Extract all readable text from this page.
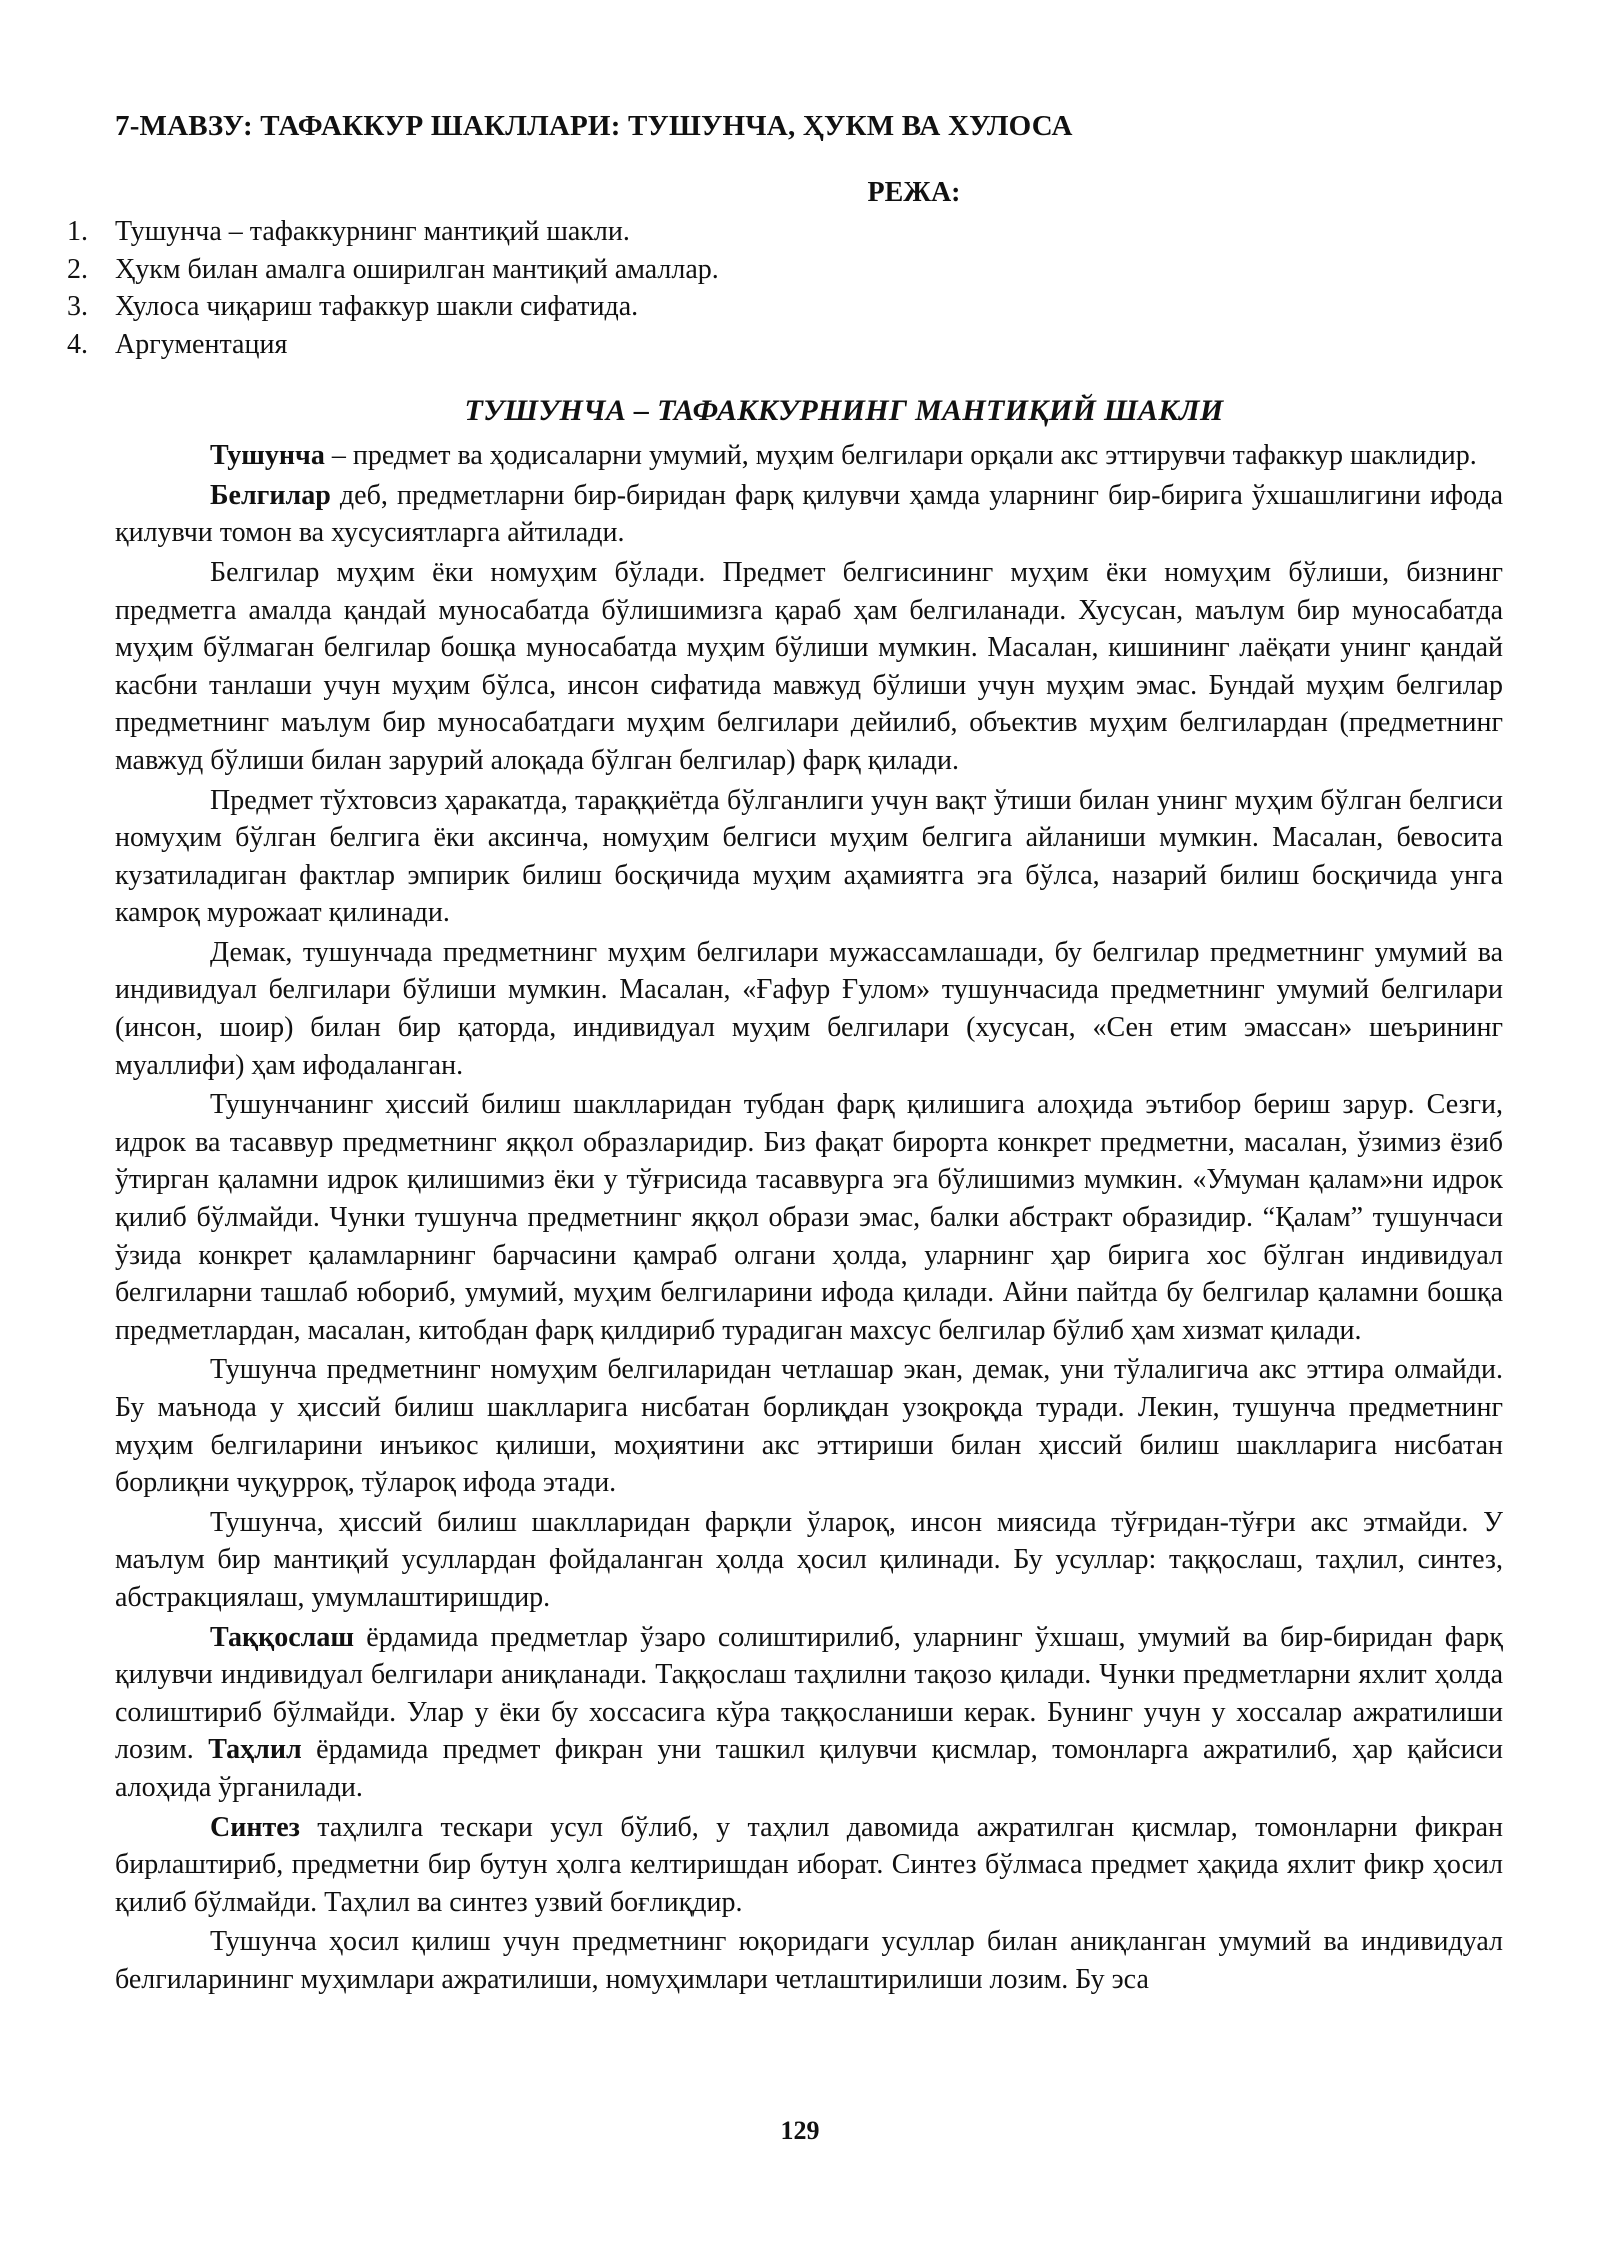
7-МАВЗУ: ТАФАККУР ШАКЛЛАРИ: ТУШУНЧА, ҲУКМ ВА ХУЛОСА
РЕЖА:
1. Тушунча – тафаккурнинг мантиқий шакли.
2. Ҳукм билан амалга оширилган мантиқий амаллар.
3. Хулоса чиқариш тафаккур шакли сифатида.
4. Аргументация
ТУШУНЧА – ТАФАККУРНИНГ МАНТИҚИЙ ШАКЛИ

Тушунча – предмет ва ҳодисаларни умумий, муҳим белгилари орқали акс эттирувчи тафаккур шаклидир.

Белгилар деб, предметларни бир-биридан фарқ қилувчи ҳамда уларнинг бир-бирига ўхшашлигини ифода қилувчи томон ва хусусиятларга айтилади.

Белгилар муҳим ёки номуҳим бўлади. Предмет белгисининг муҳим ёки номуҳим бўлиши, бизнинг предметга амалда қандай муносабатда бўлишимизга қараб ҳам белгиланади. Хусусан, маълум бир муносабатда муҳим бўлмаган белгилар бошқа муносабатда муҳим бўлиши мумкин. Масалан, кишининг лаёқати унинг қандай касбни танлаши учун муҳим бўлса, инсон сифатида мавжуд бўлиши учун муҳим эмас. Бундай муҳим белгилар предметнинг маълум бир муносабатдаги муҳим белгилари дейилиб, объектив муҳим белгилардан (предметнинг мавжуд бўлиши билан зарурий алоқада бўлган белгилар) фарқ қилади.

Предмет тўхтовсиз ҳаракатда, тараққиётда бўлганлиги учун вақт ўтиши билан унинг муҳим бўлган белгиси номуҳим бўлган белгига ёки аксинча, номуҳим белгиси муҳим белгига айланиши мумкин. Масалан, бевосита кузатиладиган фактлар эмпирик билиш босқичида муҳим аҳамиятга эга бўлса, назарий билиш босқичида унга камроқ мурожаат қилинади.

Демак, тушунчада предметнинг муҳим белгилари мужассамлашади, бу белгилар предметнинг умумий ва индивидуал белгилари бўлиши мумкин. Масалан, «Ғафур Ғулом» тушунчасида предметнинг умумий белгилари (инсон, шоир) билан бир қаторда, индивидуал муҳим белгилари (хусусан, «Сен етим эмассан» шеърининг муаллифи) ҳам ифодаланган.

Тушунчанинг ҳиссий билиш шаклларидан тубдан фарқ қилишига алоҳида эътибор бериш зарур. Сезги, идрок ва тасаввур предметнинг яққол образларидир. Биз фақат бирорта конкрет предметни, масалан, ўзимиз ёзиб ўтирган қаламни идрок қилишимиз ёки у тўғрисида тасаввурга эга бўлишимиз мумкин. «Умуман қалам»ни идрок қилиб бўлмайди. Чунки тушунча предметнинг яққол образи эмас, балки абстракт образидир. “Қалам” тушунчаси ўзида конкрет қаламларнинг барчасини қамраб олгани ҳолда, уларнинг ҳар бирига хос бўлган индивидуал белгиларни ташлаб юбориб, умумий, муҳим белгиларини ифода қилади. Айни пайтда бу белгилар қаламни бошқа предметлардан, масалан, китобдан фарқ қилдириб турадиган махсус белгилар бўлиб ҳам хизмат қилади.

Тушунча предметнинг номуҳим белгиларидан четлашар экан, демак, уни тўлалигича акс эттира олмайди. Бу маънода у ҳиссий билиш шаклларига нисбатан борлиқдан узоқроқда туради. Лекин, тушунча предметнинг муҳим белгиларини инъикос қилиши, моҳиятини акс эттириши билан ҳиссий билиш шаклларига нисбатан борлиқни чуқуррoқ, тўларoқ ифода этади.

Тушунча, ҳиссий билиш шаклларидан фарқли ўлароқ, инсон миясида тўғридан-тўғри акс этмайди. У маълум бир мантиқий усуллардан фойдаланган ҳолда ҳосил қилинади. Бу усуллар: таққослаш, таҳлил, синтез, абстракциялаш, умумлаштиришдир.

Таққослаш ёрдамида предметлар ўзаро солиштирилиб, уларнинг ўхшаш, умумий ва бир-биридан фарқ қилувчи индивидуал белгилари аниқланади. Таққослаш таҳлилни тақозо қилади. Чунки предметларни яхлит ҳолда солиштириб бўлмайди. Улар у ёки бу хоссасига кўра таққосланиши керак. Бунинг учун у хоссалар ажратилиши лозим. Таҳлил ёрдамида предмет фикран уни ташкил қилувчи қисмлар, томонларга ажратилиб, ҳар қайсиси алоҳида ўрганилади.

Синтез таҳлилга тескари усул бўлиб, у таҳлил давомида ажратилган қисмлар, томонларни фикран бирлаштириб, предметни бир бутун ҳолга келтиришдан иборат. Синтез бўлмаса предмет ҳақида яхлит фикр ҳосил қилиб бўлмайди. Таҳлил ва синтез узвий боғлиқдир.

Тушунча ҳосил қилиш учун предметнинг юқоридаги усуллар билан аниқланган умумий ва индивидуал белгиларининг муҳимлари ажратилиши, номуҳимлари четлаштирилиши лозим. Бу эса

129
